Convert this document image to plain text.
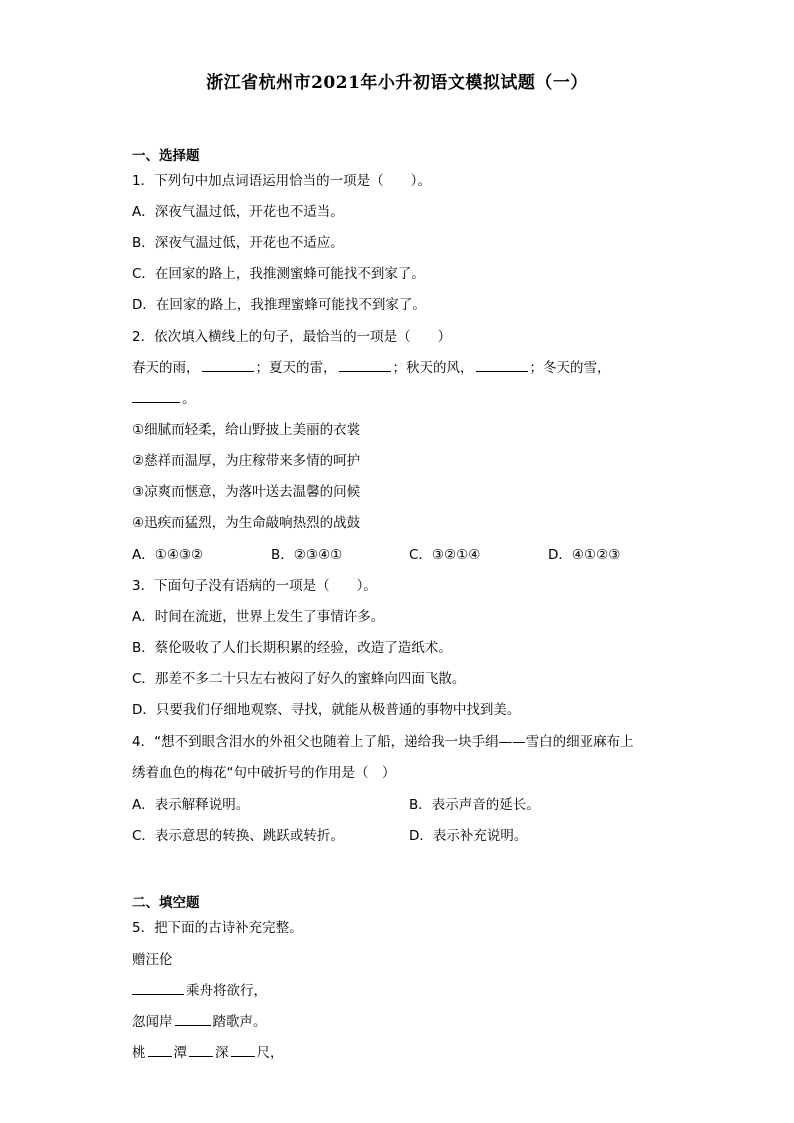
浙江省杭州市2021年小升初语文模拟试题（一）
一、选择题
1．下列句中加点词语运用恰当的一项是（　　）。
A．深夜气温过低，开花也不适当。
B．深夜气温过低，开花也不适应。
C．在回家的路上，我推测蜜蜂可能找不到家了。
D．在回家的路上，我推理蜜蜂可能找不到家了。
2．依次填入横线上的句子，最恰当的一项是（　　）
春天的雨，	；夏天的雷，	；秋天的风，	；冬天的雪，
。
①细腻而轻柔，给山野披上美丽的衣裳
②慈祥而温厚，为庄稼带来多情的呵护
③凉爽而惬意，为落叶送去温馨的问候
④迅疾而猛烈，为生命敲响热烈的战鼓
A．①④③②	B．②③④①	C．③②①④	D．④①②③
3．下面句子没有语病的一项是（　　）。
A．时间在流逝，世界上发生了事情许多。
B．蔡伦吸收了人们长期积累的经验，改造了造纸术。
C．那差不多二十只左右被闷了好久的蜜蜂向四面飞散。
D．只要我们仔细地观察、寻找，就能从极普通的事物中找到美。
4．“想不到眼含泪水的外祖父也随着上了船，递给我一块手绢——雪白的细亚麻布上
绣着血色的梅花“句中破折号的作用是（　）
A．表示解释说明。	B．表示声音的延长。
C．表示意思的转换、跳跃或转折。	D．表示补充说明。
二、填空题
5．把下面的古诗补充完整。
赠汪伦
乘舟将欲行，
忽闻岸	踏歌声。
桃 潭 深 尺，
